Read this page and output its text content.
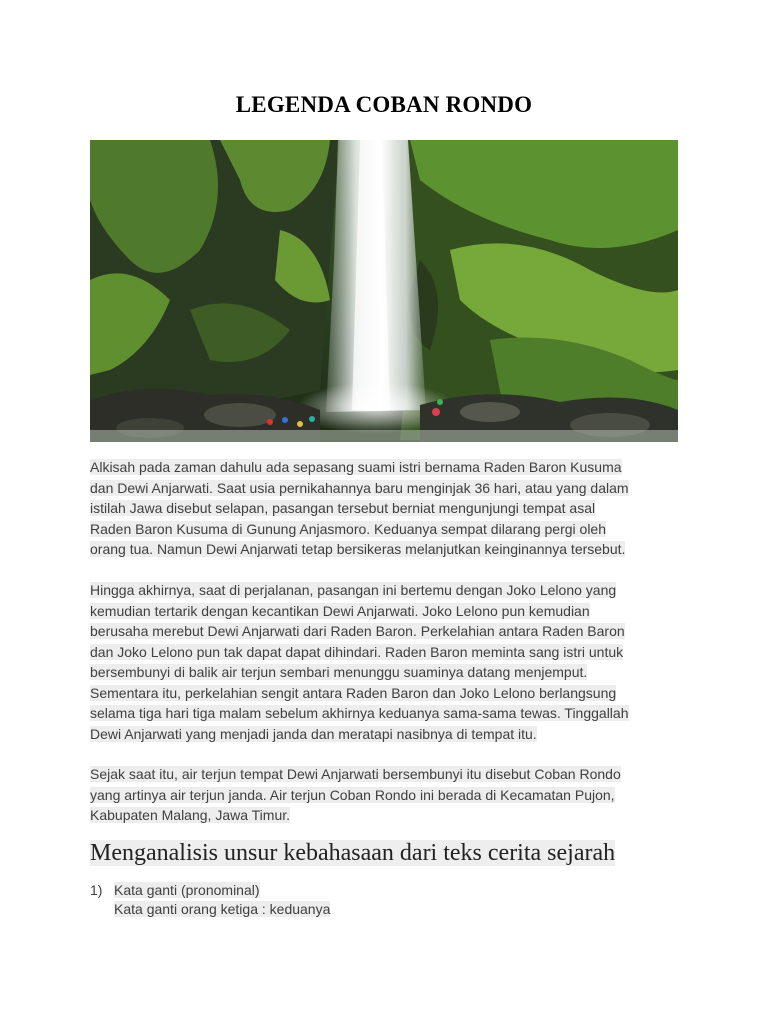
LEGENDA COBAN RONDO
Alkisah pada zaman dahulu ada sepasang suami istri bernama Raden Baron Kusuma
dan Dewi Anjarwati. Saat usia pernikahannya baru menginjak 36 hari, atau yang dalam
istilah Jawa disebut selapan, pasangan tersebut berniat mengunjungi tempat asal
Raden Baron Kusuma di Gunung Anjasmoro. Keduanya sempat dilarang pergi oleh
orang tua. Namun Dewi Anjarwati tetap bersikeras melanjutkan keinginannya tersebut.
Hingga akhirnya, saat di perjalanan, pasangan ini bertemu dengan Joko Lelono yang
kemudian tertarik dengan kecantikan Dewi Anjarwati. Joko Lelono pun kemudian
berusaha merebut Dewi Anjarwati dari Raden Baron. Perkelahian antara Raden Baron
dan Joko Lelono pun tak dapat dapat dihindari. Raden Baron meminta sang istri untuk
bersembunyi di balik air terjun sembari menunggu suaminya datang menjemput.
Sementara itu, perkelahian sengit antara Raden Baron dan Joko Lelono berlangsung
selama tiga hari tiga malam sebelum akhirnya keduanya sama-sama tewas. Tinggallah
Dewi Anjarwati yang menjadi janda dan meratapi nasibnya di tempat itu.
Sejak saat itu, air terjun tempat Dewi Anjarwati bersembunyi itu disebut Coban Rondo
yang artinya air terjun janda. Air terjun Coban Rondo ini berada di Kecamatan Pujon,
Kabupaten Malang, Jawa Timur.
Menganalisis unsur kebahasaan dari teks cerita sejarah
1) Kata ganti (pronominal)
Kata ganti orang ketiga : keduanya
